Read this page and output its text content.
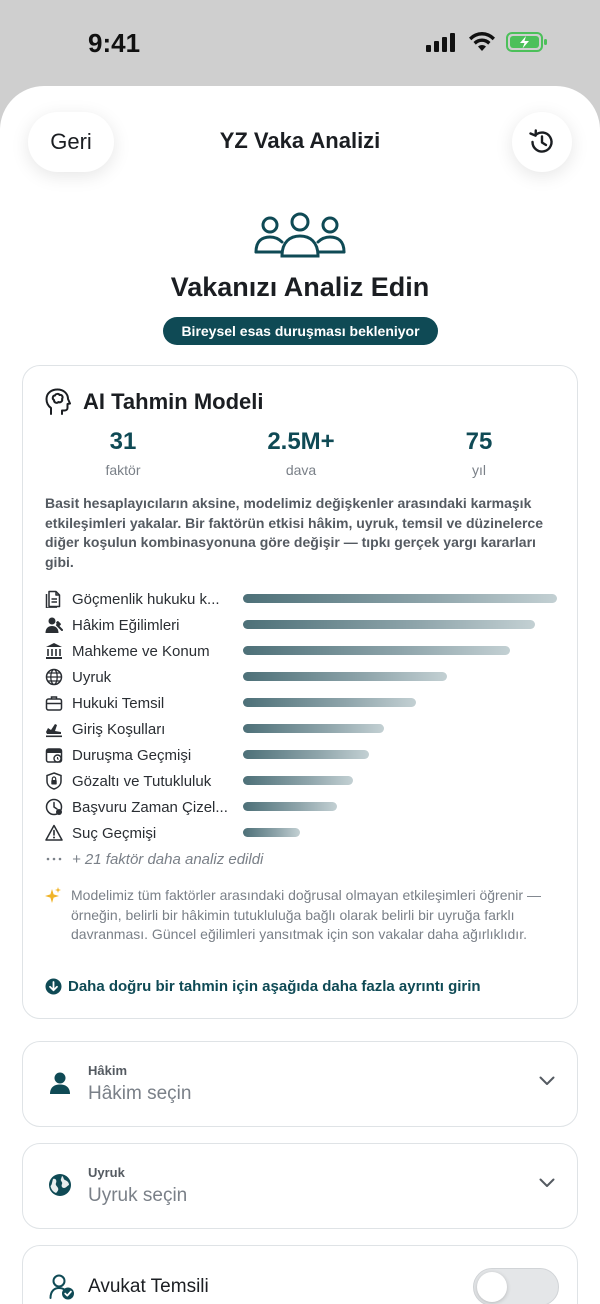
9:41
Geri	YZ Vaka Analizi
Vakanızı Analiz Edin
Bireysel esas duruşması bekleniyor
AI Tahmin Modeli
31
faktör
2.5M+
dava
75
yıl
Basit hesaplayıcıların aksine, modelimiz değişkenler arasındaki karmaşık etkileşimleri yakalar. Bir faktörün etkisi hâkim, uyruk, temsil ve düzinelerce diğer koşulun kombinasyonuna göre değişir — tıpkı gerçek yargı kararları gibi.
Göçmenlik hukuku k...
Hâkim Eğilimleri
Mahkeme ve Konum
Uyruk
Hukuki Temsil
Giriş Koşulları
Duruşma Geçmişi
Gözaltı ve Tutukluluk
Başvuru Zaman Çizel...
Suç Geçmişi
+ 21 faktör daha analiz edildi
Modelimiz tüm faktörler arasındaki doğrusal olmayan etkileşimleri öğrenir — örneğin, belirli bir hâkimin tutukluluğa bağlı olarak belirli bir uyruğa farklı davranması. Güncel eğilimleri yansıtmak için son vakalar daha ağırlıklıdır.
Daha doğru bir tahmin için aşağıda daha fazla ayrıntı girin
Hâkim
Hâkim seçin
Uyruk
Uyruk seçin
Avukat Temsili
